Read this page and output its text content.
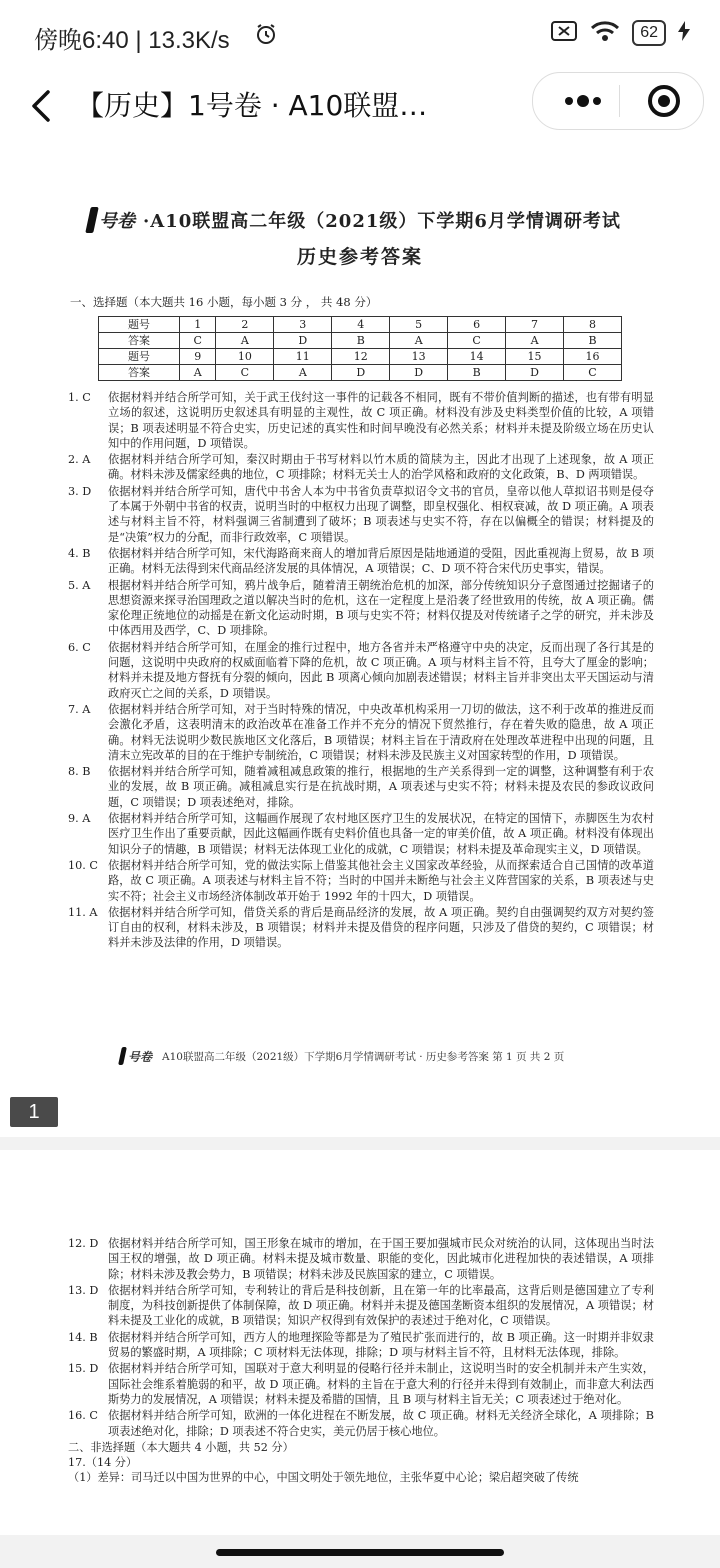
傍晚6:40 | 13.3K/s	62
【历史】1号卷 · A10联盟…
号卷 ·A10联盟高二年级（2021级）下学期6月学情调研考试
历史参考答案
一、选择题（本大题共 16 小题，每小题 3 分 ， 共 48 分）
题号	1	2	3	4	5	6	7	8
答案	C	A	D	B	A	C	A	B
题号	9	10	11	12	13	14	15	16
答案	A	C	A	D	D	B	D	C
1. C	依据材料并结合所学可知，关于武王伐纣这一事件的记载各不相同，既有不带价值判断的描述，也有带有明显立场的叙述，这说明历史叙述具有明显的主观性，故 C 项正确。材料没有涉及史料类型价值的比较，A 项错误；B 项表述明显不符合史实，历史记述的真实性和时间早晚没有必然关系；材料并未提及阶级立场在历史认知中的作用问题，D 项错误。
2. A	依据材料并结合所学可知，秦汉时期由于书写材料以竹木质的简牍为主，因此才出现了上述现象，故 A 项正确。材料未涉及儒家经典的地位，C 项排除；材料无关士人的治学风格和政府的文化政策，B、D 两项错误。
3. D	依据材料并结合所学可知，唐代中书舍人本为中书省负责草拟诏令文书的官员，皇帝以他人草拟诏书则是侵夺了本属于外朝中书省的权责，说明当时的中枢权力出现了调整，即皇权强化、相权衰减，故 D 项正确。A 项表述与材料主旨不符，材料强调三省制遭到了破坏；B 项表述与史实不符，存在以偏概全的错误；材料提及的是“决策”权力的分配，而非行政效率，C 项错误。
4. B	依据材料并结合所学可知，宋代海路商来商人的增加背后原因是陆地通道的受阻，因此重视海上贸易，故 B 项正确。材料无法得到宋代商品经济发展的具体情况，A 项错误；C、D 项不符合宋代历史事实，错误。
5. A	根据材料并结合所学可知，鸦片战争后，随着清王朝统治危机的加深，部分传统知识分子意图通过挖掘诸子的思想资源来探寻治国理政之道以解决当时的危机，这在一定程度上是沿袭了经世致用的传统，故 A 项正确。儒家伦理正统地位的动摇是在新文化运动时期，B 项与史实不符；材料仅提及对传统诸子之学的研究，并未涉及中体西用及西学，C、D 项排除。
6. C	依据材料并结合所学可知，在厘金的推行过程中，地方各省并未严格遵守中央的决定，反而出现了各行其是的问题，这说明中央政府的权威面临着下降的危机，故 C 项正确。A 项与材料主旨不符，且夸大了厘金的影响；材料并未提及地方督抚有分裂的倾向，因此 B 项离心倾向加剧表述错误；材料主旨并非突出太平天国运动与清政府灭亡之间的关系，D 项错误。
7. A	依据材料并结合所学可知，对于当时特殊的情况，中央改革机构采用一刀切的做法，这不利于改革的推进反而会激化矛盾，这表明清末的政治改革在准备工作并不充分的情况下贸然推行，存在着失败的隐患，故 A 项正确。材料无法说明少数民族地区文化落后，B 项错误；材料主旨在于清政府在处理改革进程中出现的问题，且清末立宪改革的目的在于维护专制统治，C 项错误；材料未涉及民族主义对国家转型的作用，D 项错误。
8. B	依据材料并结合所学可知，随着减租减息政策的推行，根据地的生产关系得到一定的调整，这种调整有利于农业的发展，故 B 项正确。减租减息实行是在抗战时期，A 项表述与史实不符；材料未提及农民的参政议政问题，C 项错误；D 项表述绝对，排除。
9. A	依据材料并结合所学可知，这幅画作展现了农村地区医疗卫生的发展状况，在特定的国情下，赤脚医生为农村医疗卫生作出了重要贡献，因此这幅画作既有史料价值也具备一定的审美价值，故 A 项正确。材料没有体现出知识分子的情趣，B 项错误；材料无法体现工业化的成就，C 项错误；材料未提及革命现实主义，D 项错误。
10. C 依据材料并结合所学可知，党的做法实际上借鉴其他社会主义国家改革经验，从而探索适合自己国情的改革道路，故 C 项正确。A 项表述与材料主旨不符；当时的中国并未断绝与社会主义阵营国家的关系，B 项表述与史实不符；社会主义市场经济体制改革开始于 1992 年的十四大，D 项错误。
11. A 依据材料并结合所学可知，借贷关系的背后是商品经济的发展，故 A 项正确。契约自由强调契约双方对契约签订自由的权利，材料未涉及，B 项错误；材料并未提及借贷的程序问题，只涉及了借贷的契约，C 项错误；材料并未涉及法律的作用，D 项错误。
号卷 A10联盟高二年级（2021级）下学期6月学情调研考试 · 历史参考答案 第 1 页 共 2 页
1
12. D 依据材料并结合所学可知，国王形象在城市的增加，在于国王要加强城市民众对统治的认同，这体现出当时法国王权的增强，故 D 项正确。材料未提及城市数量、职能的变化，因此城市化进程加快的表述错误，A 项排除；材料未涉及教会势力，B 项错误；材料未涉及民族国家的建立，C 项错误。
13. D 依据材料并结合所学可知，专利转让的背后是科技创新，且在第一年的比率最高，这背后则是德国建立了专利制度，为科技创新提供了体制保障，故 D 项正确。材料并未提及德国垄断资本组织的发展情况，A 项错误；材料未提及工业化的成就，B 项错误；知识产权得到有效保护的表述过于绝对化，C 项错误。
14. B 依据材料并结合所学可知，西方人的地理探险等都是为了殖民扩张而进行的，故 B 项正确。这一时期并非奴隶贸易的繁盛时期，A 项排除；C 项材料无法体现，排除；D 项与材料主旨不符，且材料无法体现，排除。
15. D 依据材料并结合所学可知，国联对于意大利明显的侵略行径并未制止，这说明当时的安全机制并未产生实效，国际社会维系着脆弱的和平，故 D 项正确。材料的主旨在于意大利的行径并未得到有效制止，而非意大利法西斯势力的发展情况，A 项错误；材料未提及希腊的国情，且 B 项与材料主旨无关；C 项表述过于绝对化。
16. C 依据材料并结合所学可知，欧洲的一体化进程在不断发展，故 C 项正确。材料无关经济全球化，A 项排除；B 项表述绝对化，排除；D 项表述不符合史实，美元仍居于核心地位。
二、非选择题（本大题共 4 小题，共 52 分）
17.（14 分）
（1）差异：司马迁以中国为世界的中心，中国文明处于领先地位，主张华夏中心论；梁启超突破了传统
